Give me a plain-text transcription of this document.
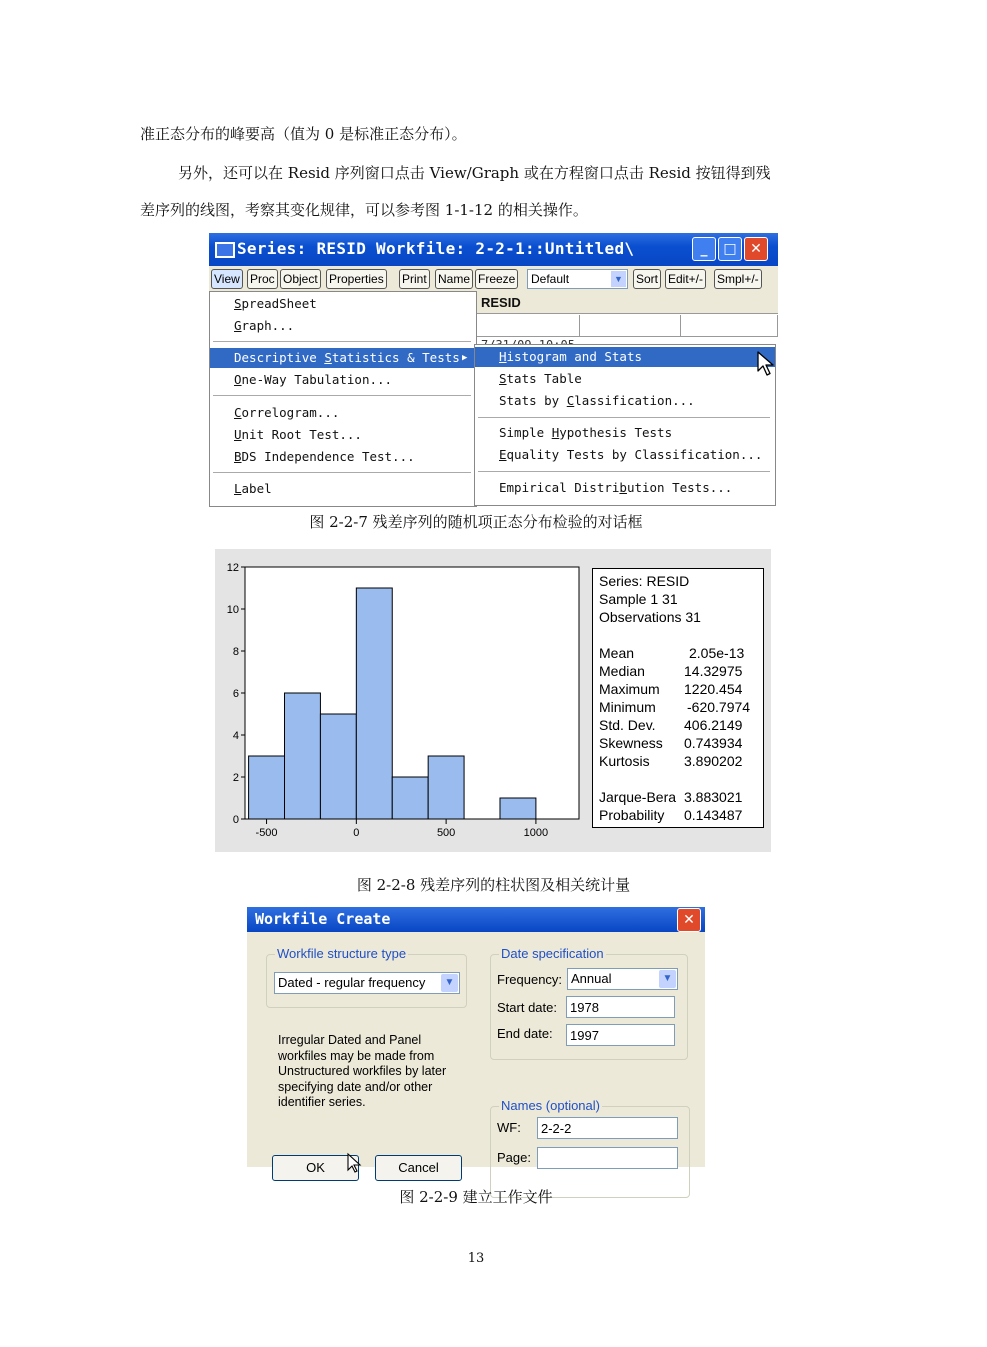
准正态分布的峰要高（值为 0 是标准正态分布）。
另外，还可以在 Resid 序列窗口点击 View/Graph 或在方程窗口点击 Resid 按钮得到残
差序列的线图，考察其变化规律，可以参考图 1-1-12 的相关操作。
Series: RESID Workfile: 2-2-1::Untitled\	_	□ ✕
View Proc Object Properties Print Name Freeze	Default	▼ Sort Edit+/- Smpl+/-
RESID
SpreadSheet
Graph...
Descriptive Statistics & Tests ▶
One-Way Tabulation...
Correlogram...
Unit Root Test...
BDS Independence Test...
Label
Histogram and Stats
Stats Table
Stats by Classification...
Simple Hypothesis Tests
Equality Tests by Classification...
Empirical Distribution Tests...
图 2-2-7 残差序列的随机项正态分布检验的对话框
0
2
4
6
8
10
12
-500	0	500	1000
Series: RESID
Sample 1 31
Observations 31
Mean	2.05e-13
Median	14.32975
Maximum 1220.454
Minimum -620.7974
Std. Dev. 406.2149
Skewness 0.743934
Kurtosis 3.890202
Jarque-Bera 3.883021
Probability 0.143487
图 2-2-8 残差序列的柱状图及相关统计量
Workfile Create	✕
Workfile structure type
Dated - regular frequency	▼
Irregular Dated and Panel
workfiles may be made from
Unstructured workfiles by later
specifying date and/or other
identifier series.
Date specification
Frequency: Annual	▼
Start date:	1978
End date:	1997
Names (optional)
WF:	2-2-2
Page:
OK	Cancel
图 2-2-9 建立工作文件
13
